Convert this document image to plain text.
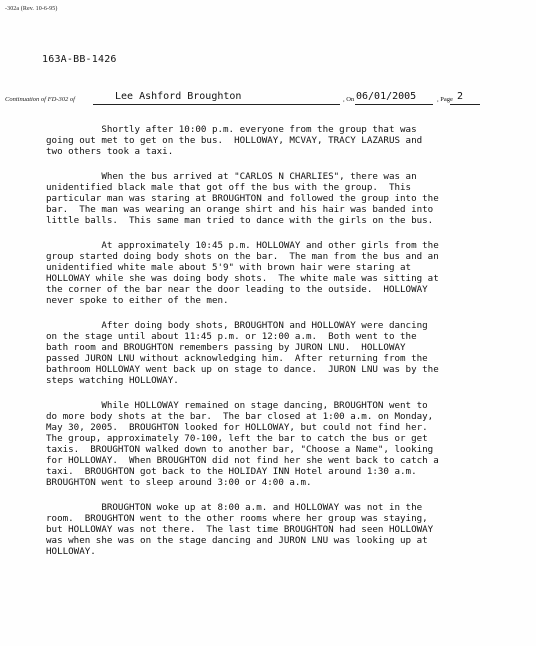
-302a (Rev. 10-6-95)
163A-BB-1426
Continuation of FD-302 of	Lee Ashford Broughton	, On 06/01/2005	, Page 2
Shortly after 10:00 p.m. everyone from the group that was
going out met to get on the bus.  HOLLOWAY, MCVAY, TRACY LAZARUS and
two others took a taxi.
When the bus arrived at "CARLOS N CHARLIES", there was an
unidentified black male that got off the bus with the group.  This
particular man was staring at BROUGHTON and followed the group into the
bar.  The man was wearing an orange shirt and his hair was banded into
little balls.  This same man tried to dance with the girls on the bus.
At approximately 10:45 p.m. HOLLOWAY and other girls from the
group started doing body shots on the bar.  The man from the bus and an
unidentified white male about 5'9" with brown hair were staring at
HOLLOWAY while she was doing body shots.  The white male was sitting at
the corner of the bar near the door leading to the outside.  HOLLOWAY
never spoke to either of the men.
After doing body shots, BROUGHTON and HOLLOWAY were dancing
on the stage until about 11:45 p.m. or 12:00 a.m.  Both went to the
bath room and BROUGHTON remembers passing by JURON LNU.  HOLLOWAY
passed JURON LNU without acknowledging him.  After returning from the
bathroom HOLLOWAY went back up on stage to dance.  JURON LNU was by the
steps watching HOLLOWAY.
While HOLLOWAY remained on stage dancing, BROUGHTON went to
do more body shots at the bar.  The bar closed at 1:00 a.m. on Monday,
May 30, 2005.  BROUGHTON looked for HOLLOWAY, but could not find her.
The group, approximately 70-100, left the bar to catch the bus or get
taxis.  BROUGHTON walked down to another bar, "Choose a Name", looking
for HOLLOWAY.  When BROUGHTON did not find her she went back to catch a
taxi.  BROUGHTON got back to the HOLIDAY INN Hotel around 1:30 a.m.
BROUGHTON went to sleep around 3:00 or 4:00 a.m.
BROUGHTON woke up at 8:00 a.m. and HOLLOWAY was not in the
room.  BROUGHTON went to the other rooms where her group was staying,
but HOLLOWAY was not there.  The last time BROUGHTON had seen HOLLOWAY
was when she was on the stage dancing and JURON LNU was looking up at
HOLLOWAY.
